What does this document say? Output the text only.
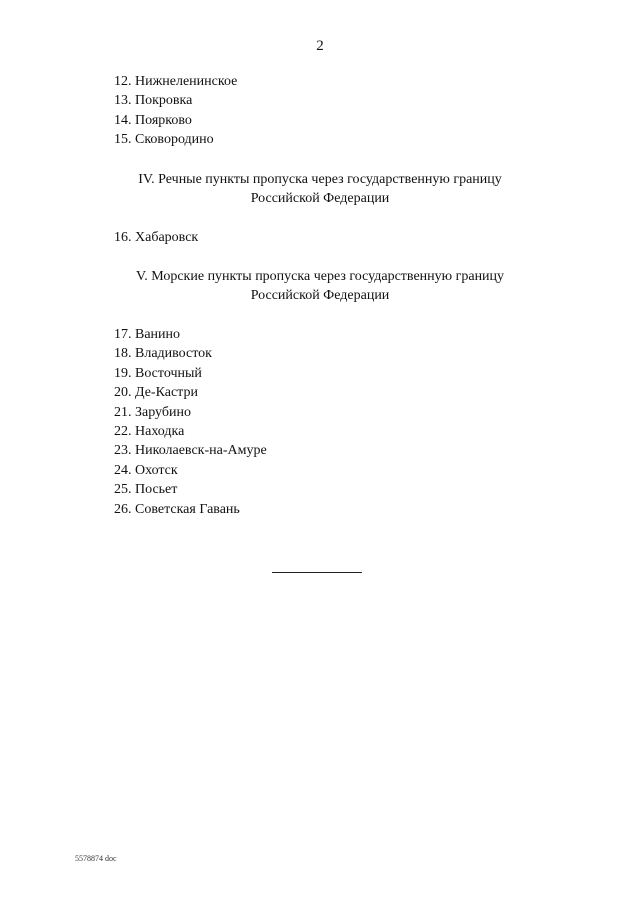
2
12. Нижнеленинское
13. Покровка
14. Поярково
15. Сковородино
IV. Речные пункты пропуска через государственную границу
Российской Федерации
16. Хабаровск
V. Морские пункты пропуска через государственную границу
Российской Федерации
17. Ванино
18. Владивосток
19. Восточный
20. Де-Кастри
21. Зарубино
22. Находка
23. Николаевск-на-Амуре
24. Охотск
25. Посьет
26. Советская Гавань
5578874 doc
